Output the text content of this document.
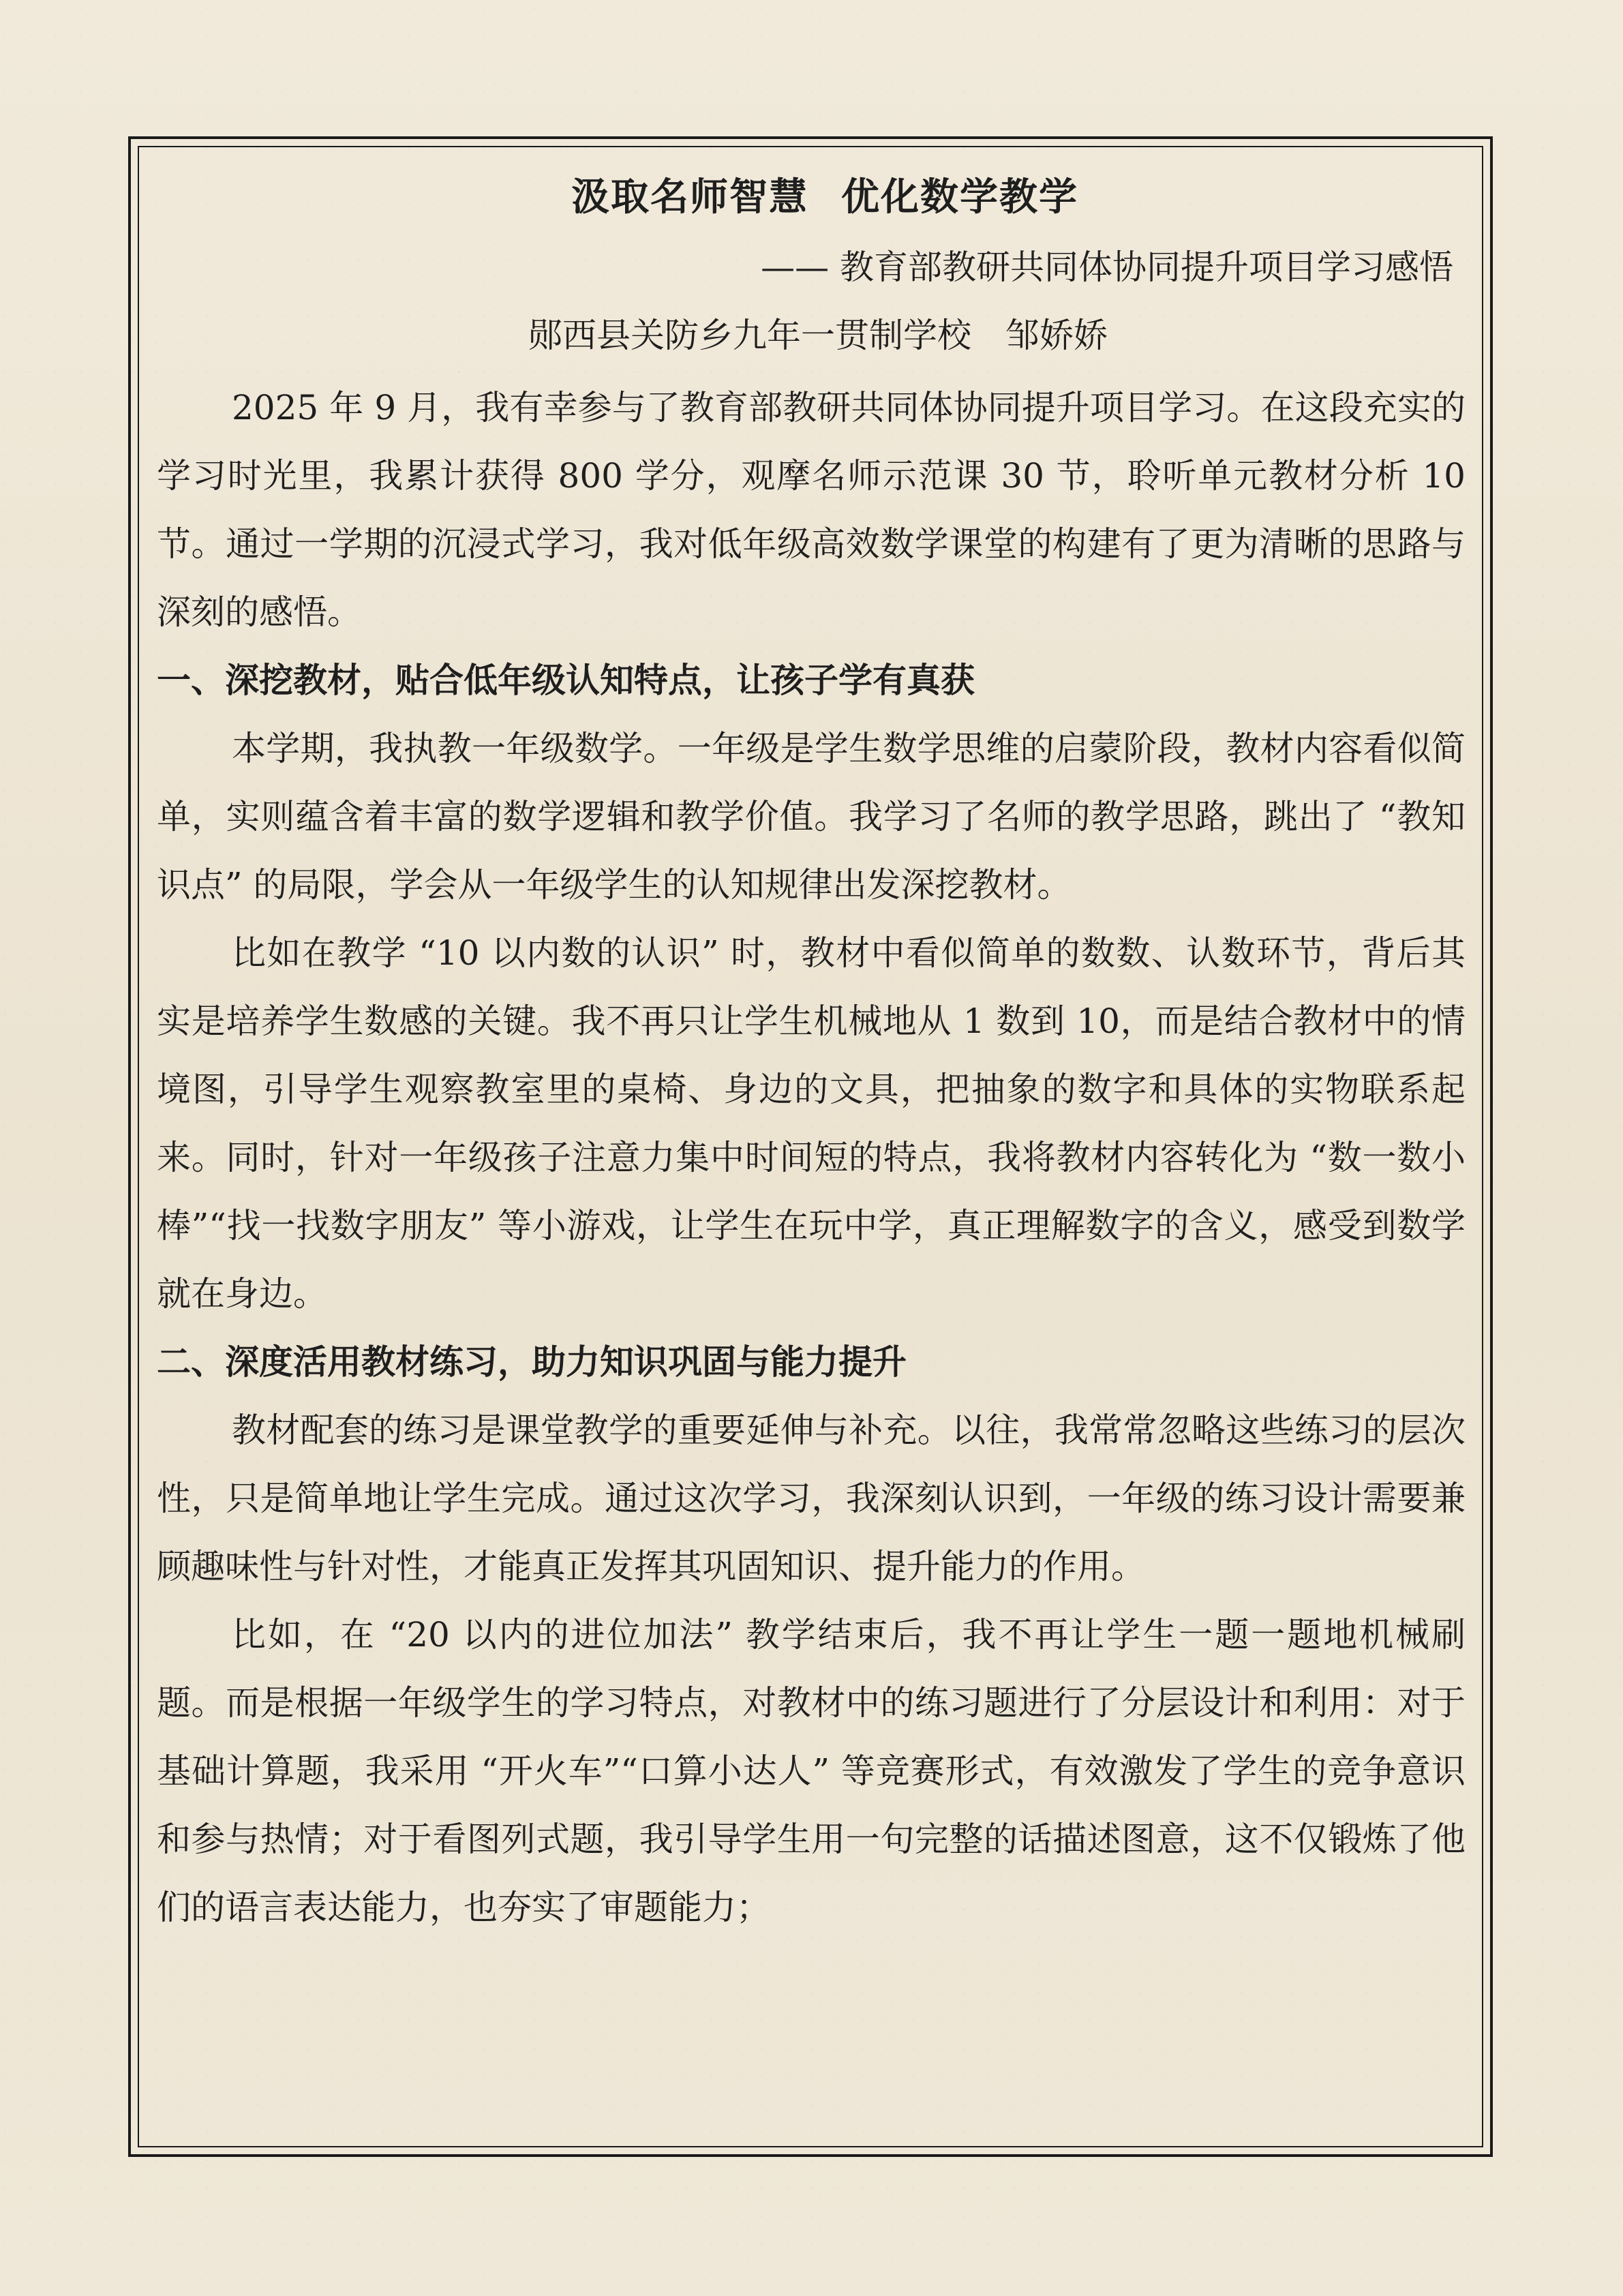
汲取名师智慧 优化数学教学
—— 教育部教研共同体协同提升项目学习感悟
郧西县关防乡九年一贯制学校 邹娇娇

2025 年 9 月，我有幸参与了教育部教研共同体协同提升项目学习。在这段充实的学习时光里，我累计获得 800 学分，观摩名师示范课 30 节，聆听单元教材分析 10 节。通过一学期的沉浸式学习，我对低年级高效数学课堂的构建有了更为清晰的思路与深刻的感悟。

一、深挖教材，贴合低年级认知特点，让孩子学有真获

本学期，我执教一年级数学。一年级是学生数学思维的启蒙阶段，教材内容看似简单，实则蕴含着丰富的数学逻辑和教学价值。我学习了名师的教学思路，跳出了 “教知识点” 的局限，学会从一年级学生的认知规律出发深挖教材。

比如在教学 “10 以内数的认识” 时，教材中看似简单的数数、认数环节，背后其实是培养学生数感的关键。我不再只让学生机械地从 1 数到 10，而是结合教材中的情境图，引导学生观察教室里的桌椅、身边的文具，把抽象的数字和具体的实物联系起来。同时，针对一年级孩子注意力集中时间短的特点，我将教材内容转化为 “数一数小棒”“找一找数字朋友” 等小游戏，让学生在玩中学，真正理解数字的含义，感受到数学就在身边。

二、深度活用教材练习，助力知识巩固与能力提升

教材配套的练习是课堂教学的重要延伸与补充。以往，我常常忽略这些练习的层次性，只是简单地让学生完成。通过这次学习，我深刻认识到，一年级的练习设计需要兼顾趣味性与针对性，才能真正发挥其巩固知识、提升能力的作用。

比如，在 “20 以内的进位加法” 教学结束后，我不再让学生一题一题地机械刷题。而是根据一年级学生的学习特点，对教材中的练习题进行了分层设计和利用：对于基础计算题，我采用 “开火车”“口算小达人” 等竞赛形式，有效激发了学生的竞争意识和参与热情；对于看图列式题，我引导学生用一句完整的话描述图意，这不仅锻炼了他们的语言表达能力，也夯实了审题能力；
